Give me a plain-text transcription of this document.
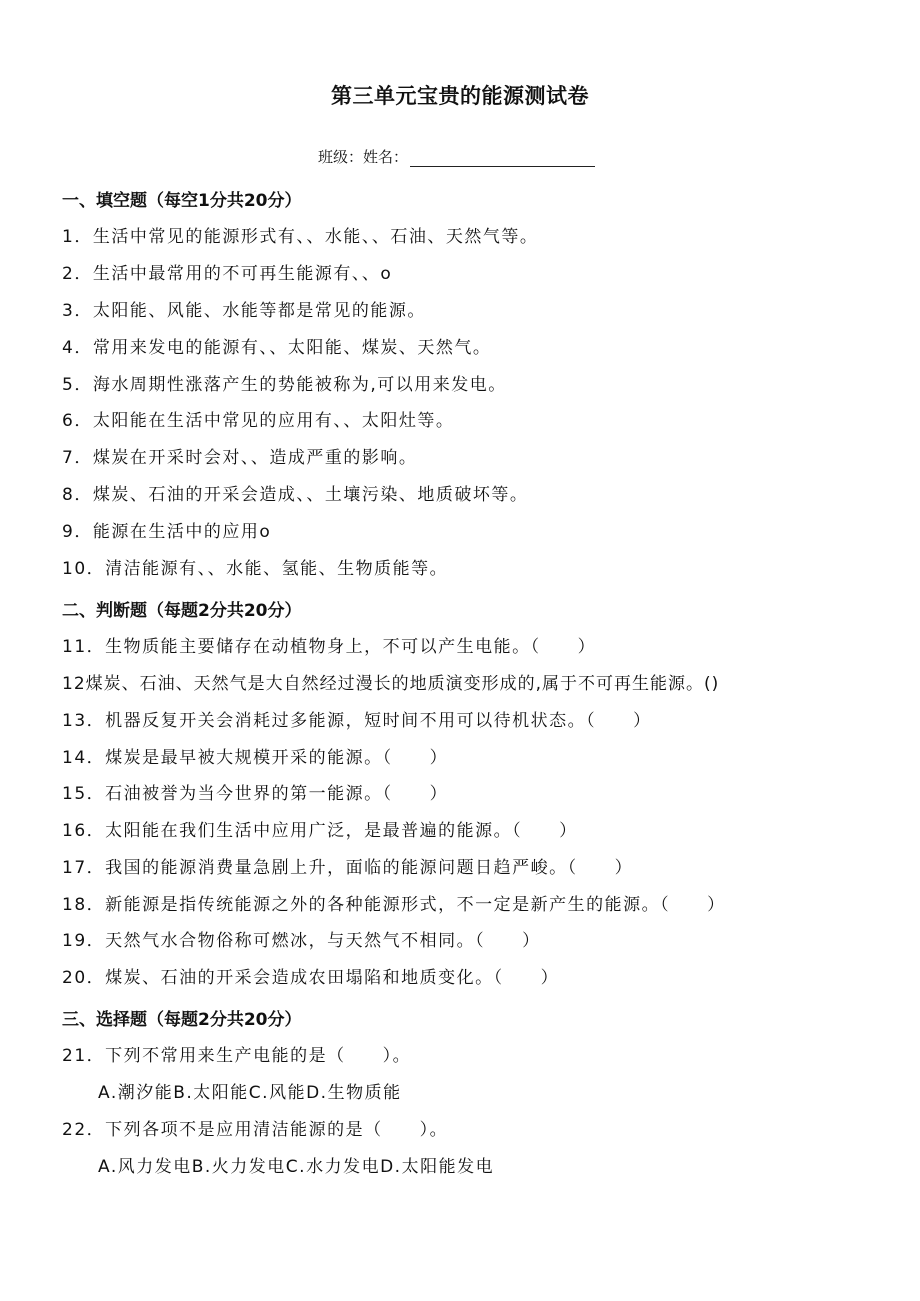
第三单元宝贵的能源测试卷
班级：姓名：
一、填空题（每空1分共20分）
1．生活中常见的能源形式有、、水能、、石油、天然气等。
2．生活中最常用的不可再生能源有、、o
3．太阳能、风能、水能等都是常见的能源。
4．常用来发电的能源有、、太阳能、煤炭、天然气。
5．海水周期性涨落产生的势能被称为,可以用来发电。
6．太阳能在生活中常见的应用有、、太阳灶等。
7．煤炭在开采时会对、、造成严重的影响。
8．煤炭、石油的开采会造成、、土壤污染、地质破坏等。
9．能源在生活中的应用o
10．清洁能源有、、水能、氢能、生物质能等。
二、判断题（每题2分共20分）
11．生物质能主要储存在动植物身上，不可以产生电能。（　　）
12煤炭、石油、天然气是大自然经过漫长的地质演变形成的,属于不可再生能源。()
13．机器反复开关会消耗过多能源，短时间不用可以待机状态。（　　）
14．煤炭是最早被大规模开采的能源。（　　）
15．石油被誉为当今世界的第一能源。（　　）
16．太阳能在我们生活中应用广泛，是最普遍的能源。（　　）
17．我国的能源消费量急剧上升，面临的能源问题日趋严峻。（　　）
18．新能源是指传统能源之外的各种能源形式，不一定是新产生的能源。（　　）
19．天然气水合物俗称可燃冰，与天然气不相同。（　　）
20．煤炭、石油的开采会造成农田塌陷和地质变化。（　　）
三、选择题（每题2分共20分）
21．下列不常用来生产电能的是（　　）。
A.潮汐能B.太阳能C.风能D.生物质能
22．下列各项不是应用清洁能源的是（　　）。
A.风力发电B.火力发电C.水力发电D.太阳能发电
